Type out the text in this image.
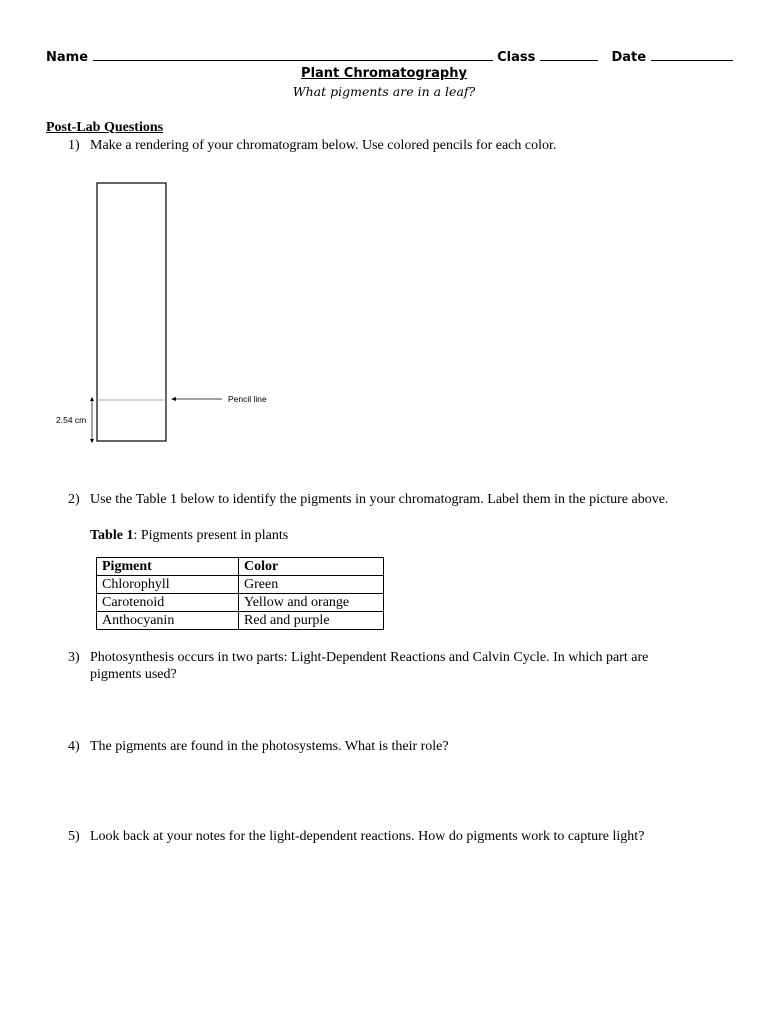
Name	Class	Date
Plant Chromatography
What pigments are in a leaf?
Post-Lab Questions
1) Make a rendering of your chromatogram below. Use colored pencils for each color.
Pencil line
2.54 cm
2) Use the Table 1 below to identify the pigments in your chromatogram. Label them in the picture above.
Table 1: Pigments present in plants
Pigment	Color
Chlorophyll	Green
Carotenoid	Yellow and orange
Anthocyanin	Red and purple
3) Photosynthesis occurs in two parts: Light-Dependent Reactions and Calvin Cycle. In which part are
pigments used?
4) The pigments are found in the photosystems. What is their role?
5) Look back at your notes for the light-dependent reactions. How do pigments work to capture light?
